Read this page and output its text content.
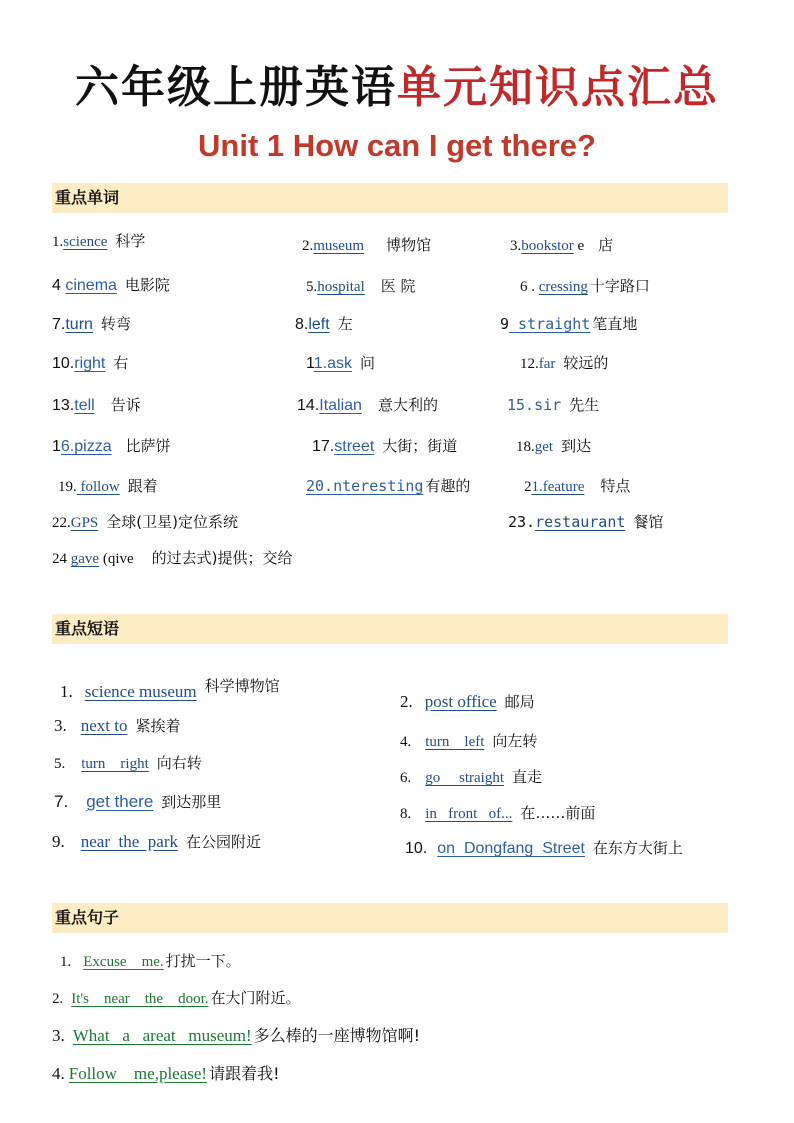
六年级上册英语单元知识点汇总
Unit 1 How can I get there?
重点单词
1.science 科学	2.museum 博物馆	3.bookstor e 店
4 cinema 电影院	5.hospital 医 院	6 . cressing 十字路口
7.turn 转弯	8.left 左	9 straight 笔直地
10.right 右	11.ask 问	12.far 较远的
13.tell 告诉	14.Italian 意大利的	15.sir 先生
16.pizza 比萨饼	17.street 大街；街道	18.get 到达
19. follow 跟着	20.nteresting 有趣的	21.feature 特点
22.GPS 全球(卫星)定位系统	23.restaurant 餐馆
24 gave (qive 的过去式)提供；交给
重点短语
1. science museum 科学博物馆
2. post office 邮局
3. next to 紧挨着
4. turn    left 向左转
5. turn    right 向右转
6. go     straight 直走
7. get there 到达那里
8. in   front   of... 在……前面
9. near  the  park 在公园附近	10. on  Dongfang  Street 在东方大街上
重点句子
1. Excuse    me. 打扰一下。
2. It's    near    the    door. 在大门附近。
3. What   a   areat   museum! 多么棒的一座博物馆啊!
4. Follow    me,please! 请跟着我!
